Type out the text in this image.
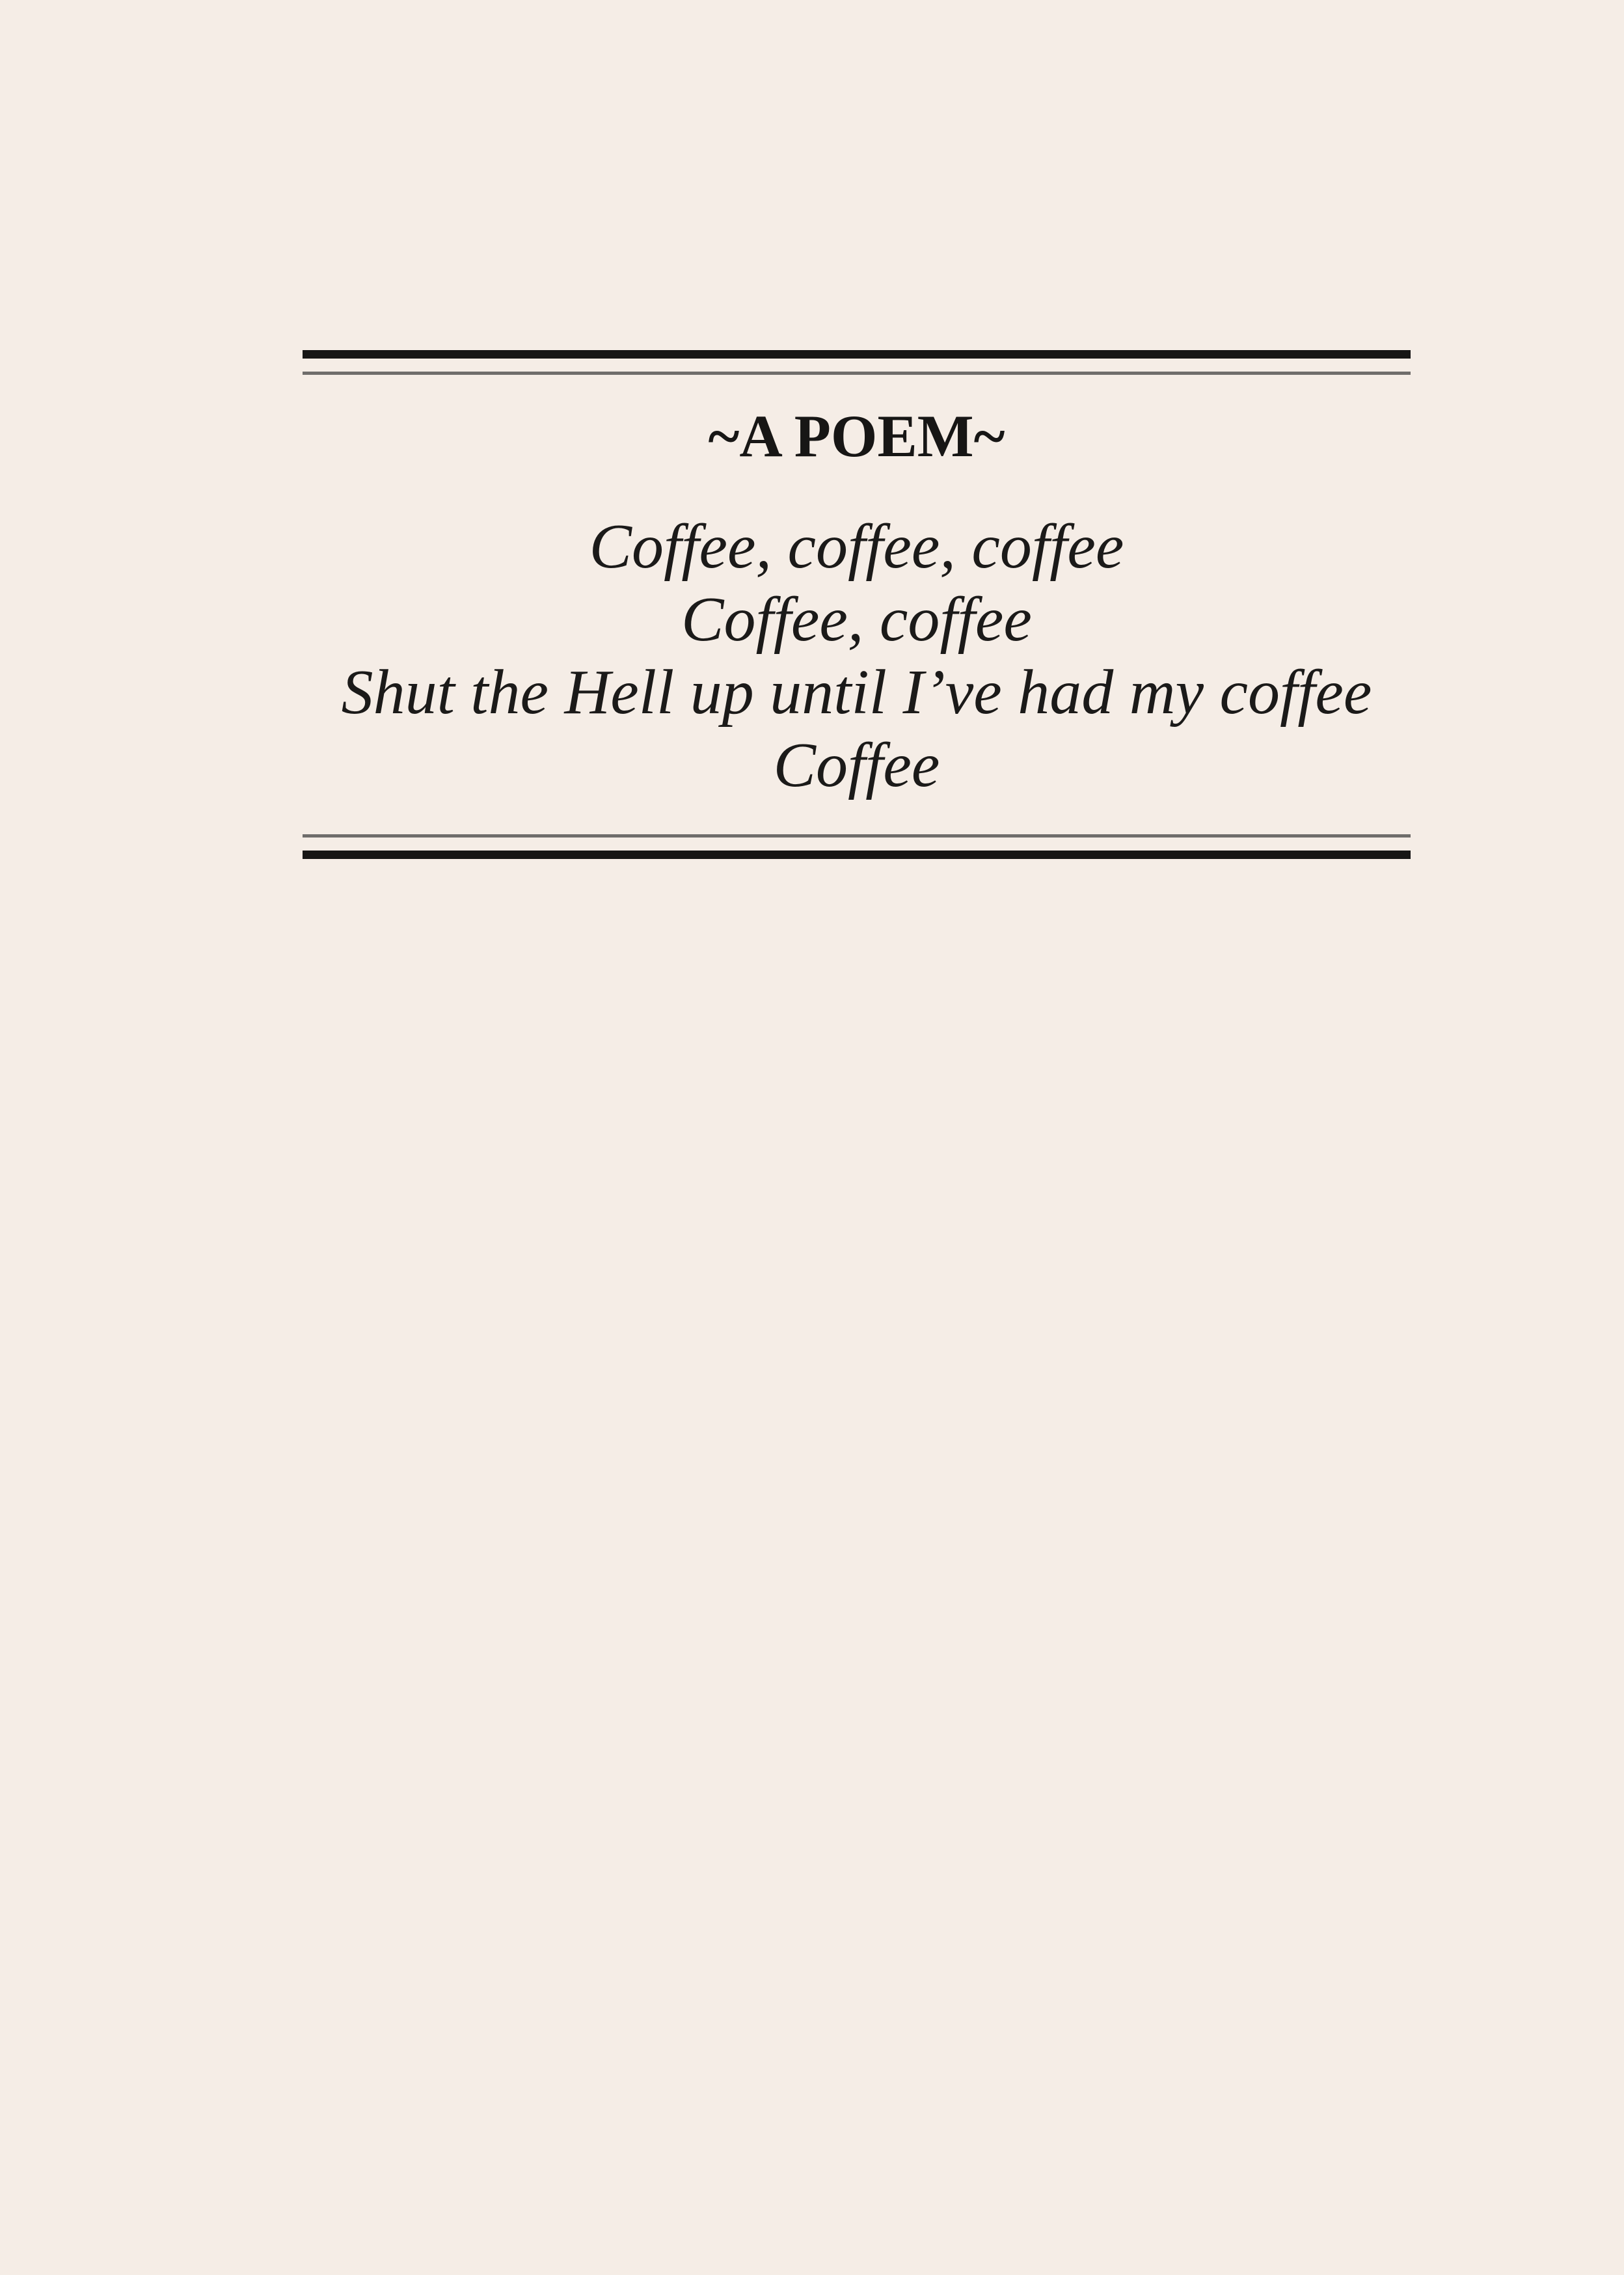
~A POEM~
Coffee, coffee, coffee
Coffee, coffee
Shut the Hell up until I’ve had my coffee
Coffee
